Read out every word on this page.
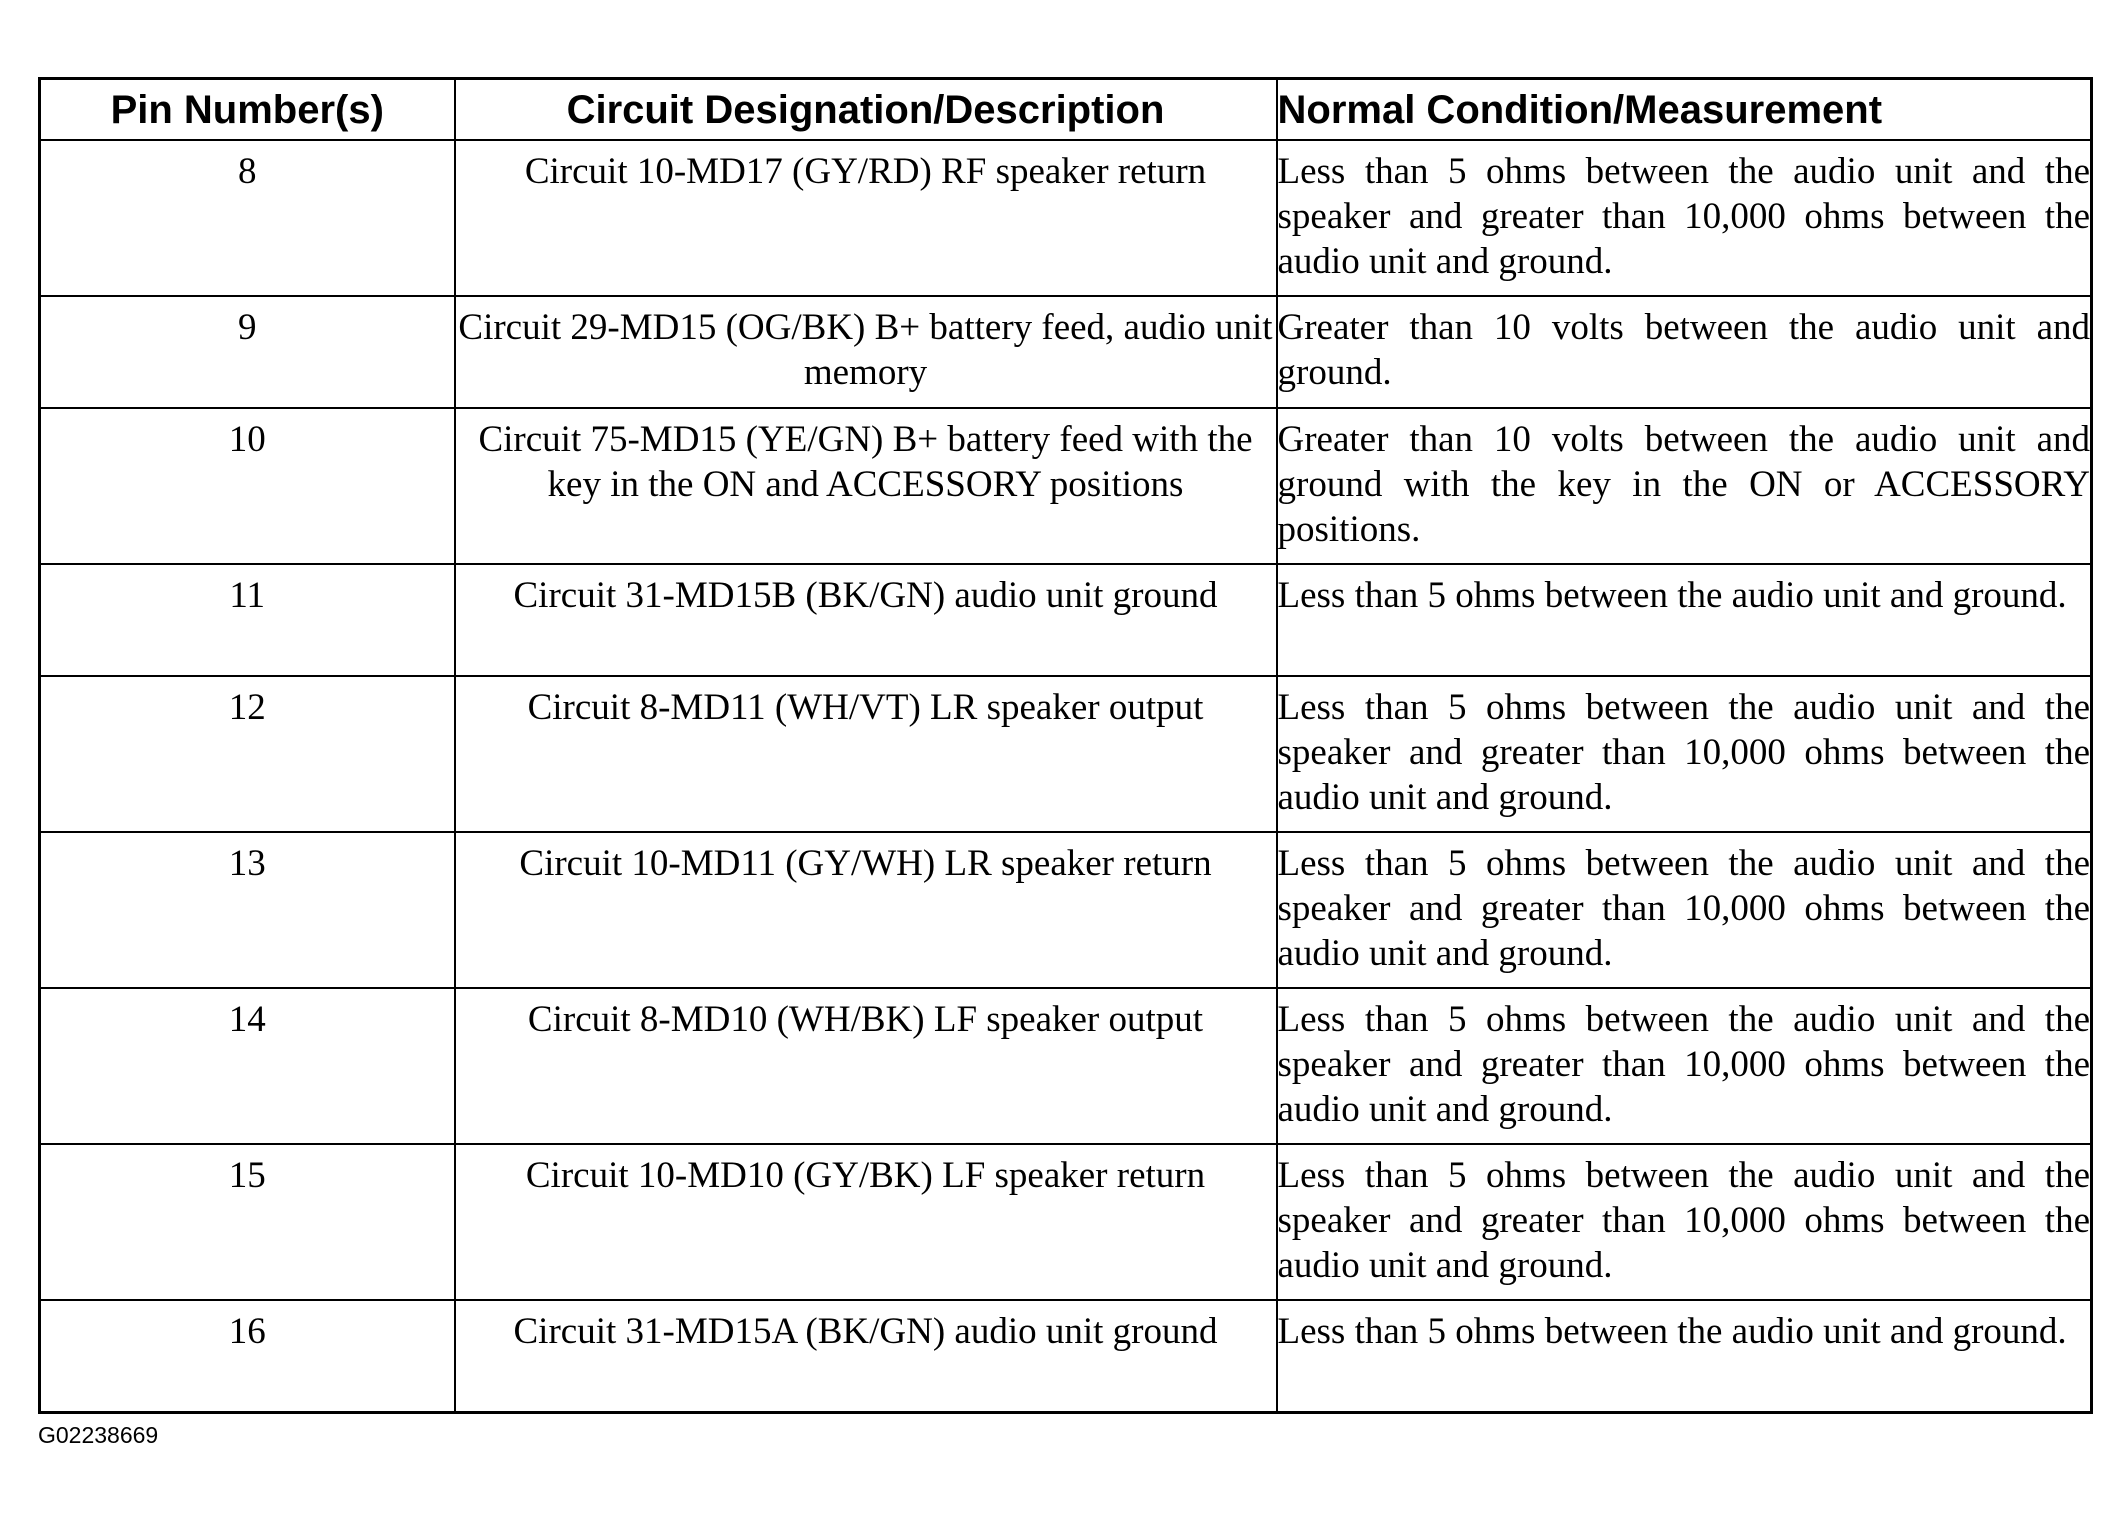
Pin Number(s)	Circuit Designation/Description	Normal Condition/Measurement
8	Circuit 10-MD17 (GY/RD) RF speaker return	Less than 5 ohms between the audio unit and the speaker and greater than 10,000 ohms between the audio unit and ground.
9	Circuit 29-MD15 (OG/BK) B+ battery feed, audio unit memory	Greater than 10 volts between the audio unit and ground.
10	Circuit 75-MD15 (YE/GN) B+ battery feed with the key in the ON and ACCESSORY positions	Greater than 10 volts between the audio unit and ground with the key in the ON or ACCESSORY positions.
11	Circuit 31-MD15B (BK/GN) audio unit ground	Less than 5 ohms between the audio unit and ground.
12	Circuit 8-MD11 (WH/VT) LR speaker output	Less than 5 ohms between the audio unit and the speaker and greater than 10,000 ohms between the audio unit and ground.
13	Circuit 10-MD11 (GY/WH) LR speaker return	Less than 5 ohms between the audio unit and the speaker and greater than 10,000 ohms between the audio unit and ground.
14	Circuit 8-MD10 (WH/BK) LF speaker output	Less than 5 ohms between the audio unit and the speaker and greater than 10,000 ohms between the audio unit and ground.
15	Circuit 10-MD10 (GY/BK) LF speaker return	Less than 5 ohms between the audio unit and the speaker and greater than 10,000 ohms between the audio unit and ground.
16	Circuit 31-MD15A (BK/GN) audio unit ground	Less than 5 ohms between the audio unit and ground.
G02238669
